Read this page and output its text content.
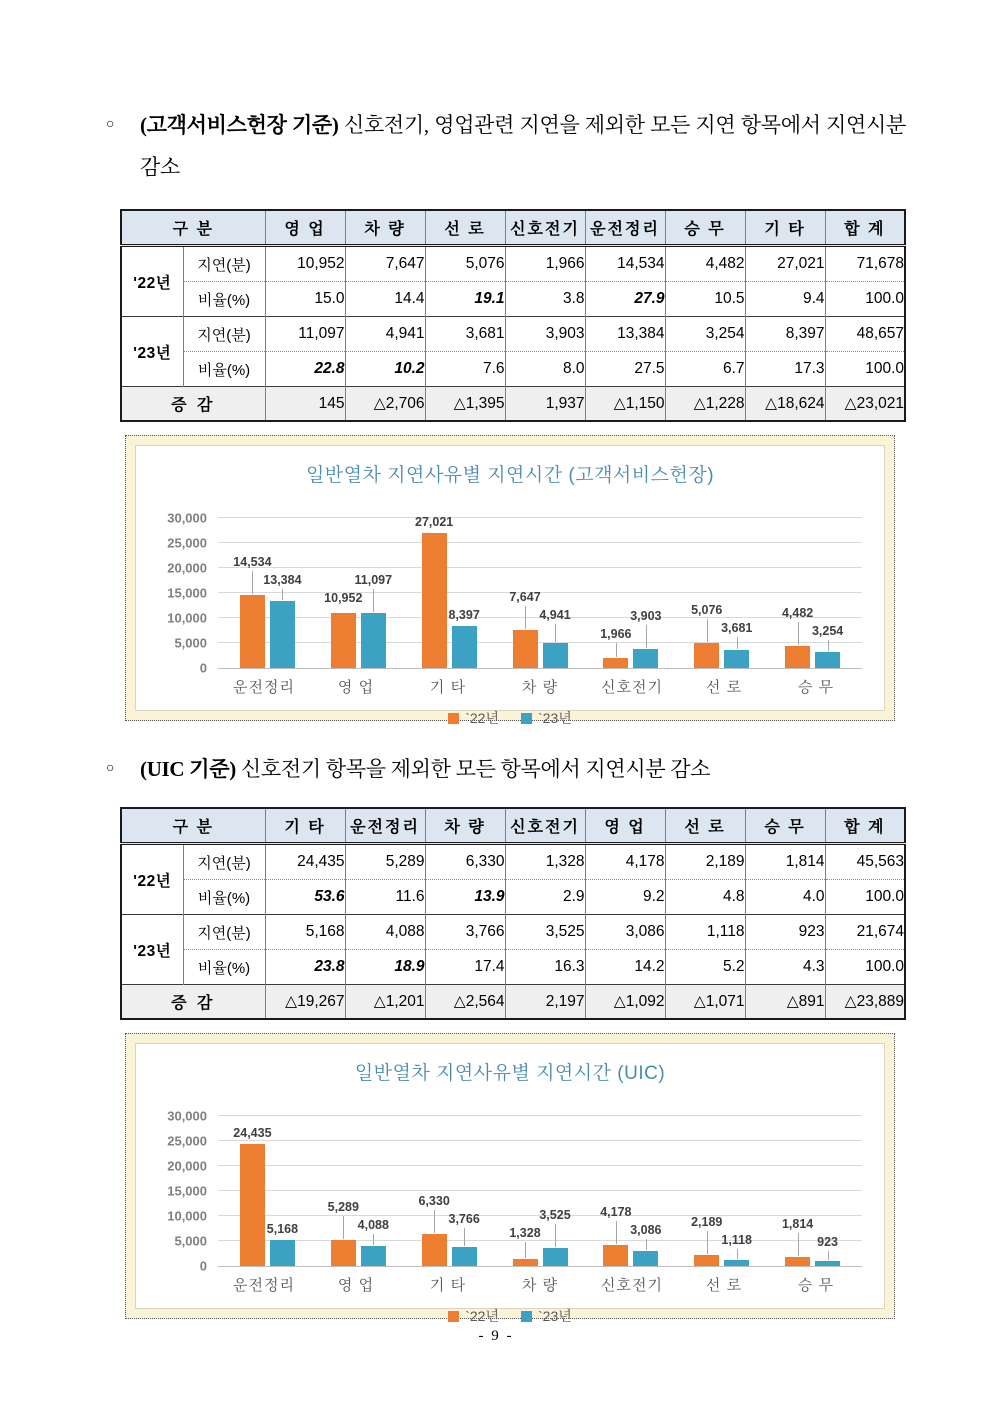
○	(고객서비스헌장 기준) 신호전기, 영업관련 지연을 제외한 모든 지연 항목에서 지연시분 감소
구 분		영 업	차 량	선 로	신호전기	운전정리	승 무	기 타	합 계
'22년	지연(분)	10,952	7,647	5,076	1,966	14,534	4,482	27,021	71,678
	비율(%)	15.0	14.4	19.1	3.8	27.9	10.5	9.4	100.0
'23년	지연(분)	11,097	4,941	3,681	3,903	13,384	3,254	8,397	48,657
	비율(%)	22.8	10.2	7.6	8.0	27.5	6.7	17.3	100.0
증 감		145	△2,706	△1,395	1,937	△1,150	△1,228	△18,624	△23,021
일반열차 지연사유별 지연시간 (고객서비스헌장)
0
5,000
10,000
15,000
20,000
25,000
30,000
14,534
13,384
10,952
11,097
27,021
8,397
7,647
4,941
1,966
3,903 5,076
3,681
4,482
3,254
운전정리	영 업	기 타	차 량	신호전기	선 로	승 무
`22년	`23년
○	(UIC 기준) 신호전기 항목을 제외한 모든 항목에서 지연시분 감소
구 분		기 타	운전정리	차 량	신호전기	영 업	선 로	승 무	합 계
'22년	지연(분)	24,435	5,289	6,330	1,328	4,178	2,189	1,814	45,563
	비율(%)	53.6	11.6	13.9	2.9	9.2	4.8	4.0	100.0
'23년	지연(분)	5,168	4,088	3,766	3,525	3,086	1,118	923	21,674
	비율(%)	23.8	18.9	17.4	16.3	14.2	5.2	4.3	100.0
증 감		△19,267	△1,201	△2,564	2,197	△1,092	△1,071	△891	△23,889
일반열차 지연사유별 지연시간 (UIC)
0
5,000
10,000
15,000
20,000
25,000
30,000
24,435
5,168
5,289
4,088
6,330
3,766
1,328
3,525 4,178
3,086
2,189
1,118
1,814
923
운전정리	영 업	기 타	차 량	신호전기	선 로	승 무
`22년	`23년
- 9 -
